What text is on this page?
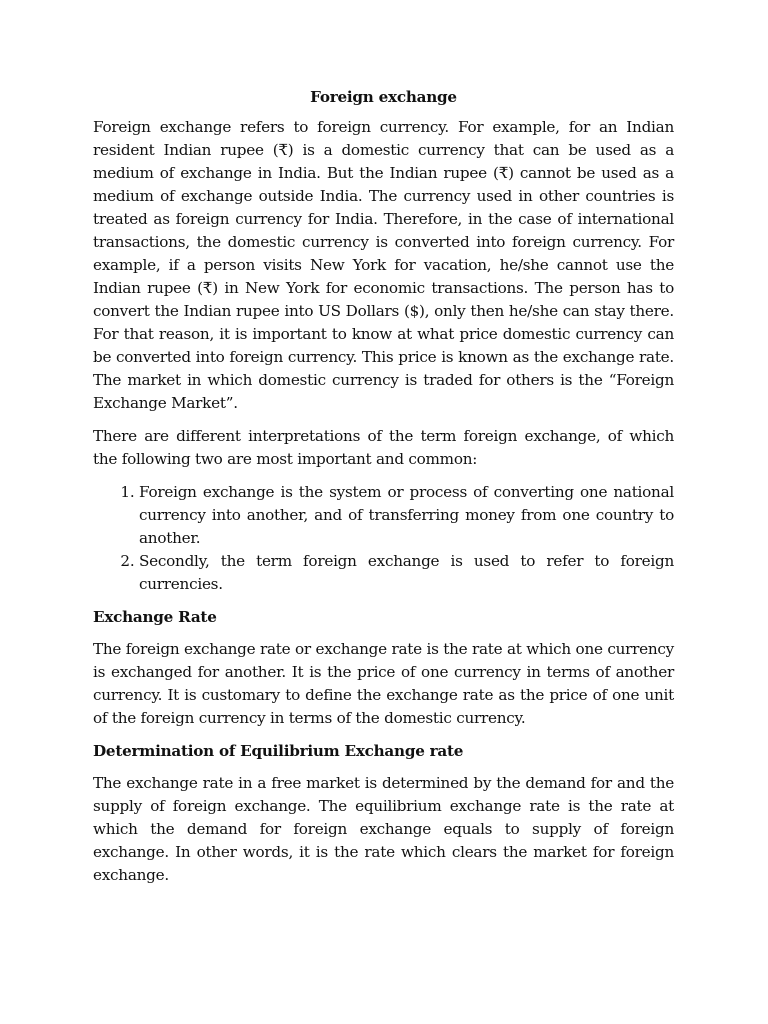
Foreign exchange

Foreign exchange refers to foreign currency. For example, for an Indian resident Indian rupee (₹) is a domestic currency that can be used as a medium of exchange in India. But the Indian rupee (₹) cannot be used as a medium of exchange outside India. The currency used in other countries is treated as foreign currency for India. Therefore, in the case of international transactions, the domestic currency is converted into foreign currency. For example, if a person visits New York for vacation, he/she cannot use the Indian rupee (₹) in New York for economic transactions. The person has to convert the Indian rupee into US Dollars ($), only then he/she can stay there. For that reason, it is important to know at what price domestic currency can be converted into foreign currency. This price is known as the exchange rate. The market in which domestic currency is traded for others is the “Foreign Exchange Market”.

There are different interpretations of the term foreign exchange, of which the following two are most important and common:

1. Foreign exchange is the system or process of converting one national currency into another, and of transferring money from one country to another.
2. Secondly, the term foreign exchange is used to refer to foreign currencies.
Exchange Rate

The foreign exchange rate or exchange rate is the rate at which one currency is exchanged for another. It is the price of one currency in terms of another currency. It is customary to define the exchange rate as the price of one unit of the foreign currency in terms of the domestic currency.

Determination of Equilibrium Exchange rate

The exchange rate in a free market is determined by the demand for and the supply of foreign exchange. The equilibrium exchange rate is the rate at which the demand for foreign exchange equals to supply of foreign exchange. In other words, it is the rate which clears the market for foreign exchange.
